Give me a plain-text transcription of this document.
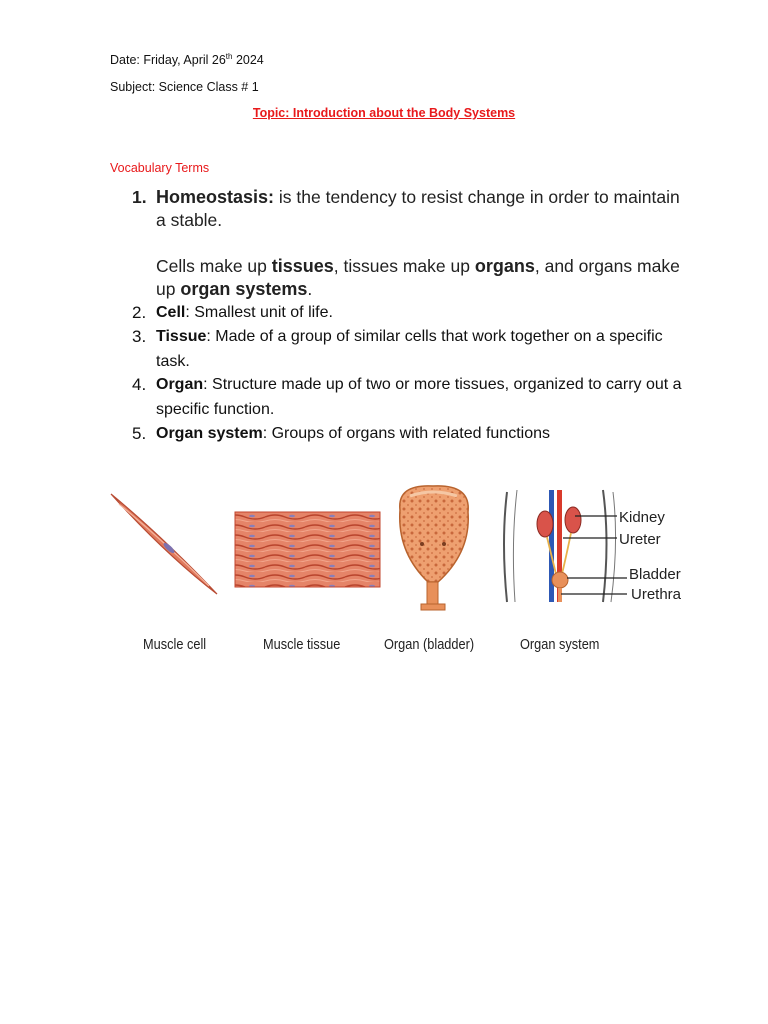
Date: Friday, April 26th 2024
Subject: Science Class # 1
Topic: Introduction about the Body Systems
Vocabulary Terms
1. Homeostasis: is the tendency to resist change in order to maintain a stable.
Cells make up tissues, tissues make up organs, and organs make up organ systems.
2. Cell: Smallest unit of life.
3. Tissue: Made of a group of similar cells that work together on a specific task.
4. Organ: Structure made up of two or more tissues, organized to carry out a specific function.
5. Organ system: Groups of organs with related functions
Kidney
Ureter
Bladder
Urethra
Muscle cell	Muscle tissue	Organ (bladder)	Organ system
